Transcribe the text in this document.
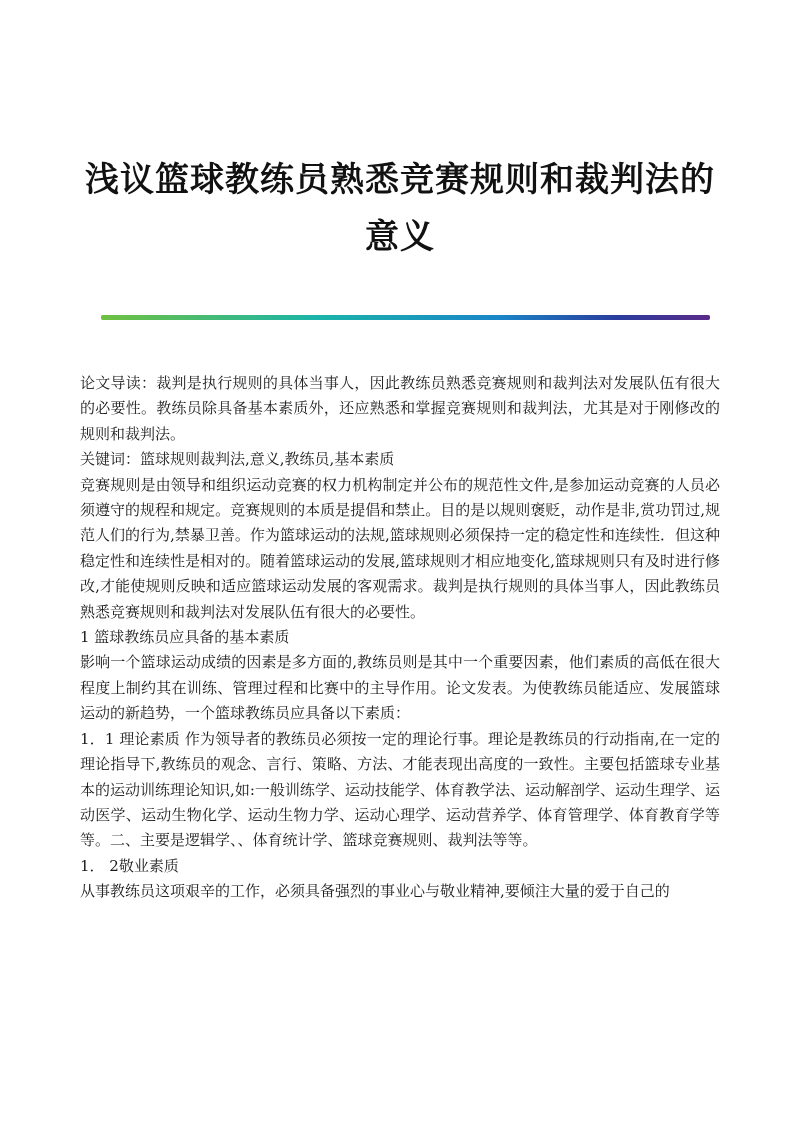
浅议篮球教练员熟悉竞赛规则和裁判法的意义

论文导读：裁判是执行规则的具体当事人，因此教练员熟悉竞赛规则和裁判法对发展队伍有很大的必要性。教练员除具备基本素质外，还应熟悉和掌握竞赛规则和裁判法，尤其是对于刚修改的规则和裁判法。

关键词：篮球规则裁判法,意义,教练员,基本素质

竞赛规则是由领导和组织运动竞赛的权力机构制定并公布的规范性文件,是参加运动竞赛的人员必须遵守的规程和规定。竞赛规则的本质是提倡和禁止。目的是以规则褒贬，动作是非,赏功罚过,规范人们的行为,禁暴卫善。作为篮球运动的法规,篮球规则必须保持一定的稳定性和连续性．但这种稳定性和连续性是相对的。随着篮球运动的发展,篮球规则才相应地变化,篮球规则只有及时进行修改,才能使规则反映和适应篮球运动发展的客观需求。裁判是执行规则的具体当事人，因此教练员熟悉竞赛规则和裁判法对发展队伍有很大的必要性。

1 篮球教练员应具备的基本素质

影响一个篮球运动成绩的因素是多方面的,教练员则是其中一个重要因素，他们素质的高低在很大程度上制约其在训练、管理过程和比赛中的主导作用。论文发表。为使教练员能适应、发展篮球运动的新趋势，一个篮球教练员应具备以下素质：

1．1 理论素质 作为领导者的教练员必须按一定的理论行事。理论是教练员的行动指南,在一定的理论指导下,教练员的观念、言行、策略、方法、才能表现出高度的一致性。主要包括篮球专业基本的运动训练理论知识,如:一般训练学、运动技能学、体育教学法、运动解剖学、运动生理学、运动医学、运动生物化学、运动生物力学、运动心理学、运动营养学、体育管理学、体育教育学等等。二、主要是逻辑学、、体育统计学、篮球竞赛规则、裁判法等等。

1． 2敬业素质

从事教练员这项艰辛的工作，必须具备强烈的事业心与敬业精神,要倾注大量的爱于自己的
